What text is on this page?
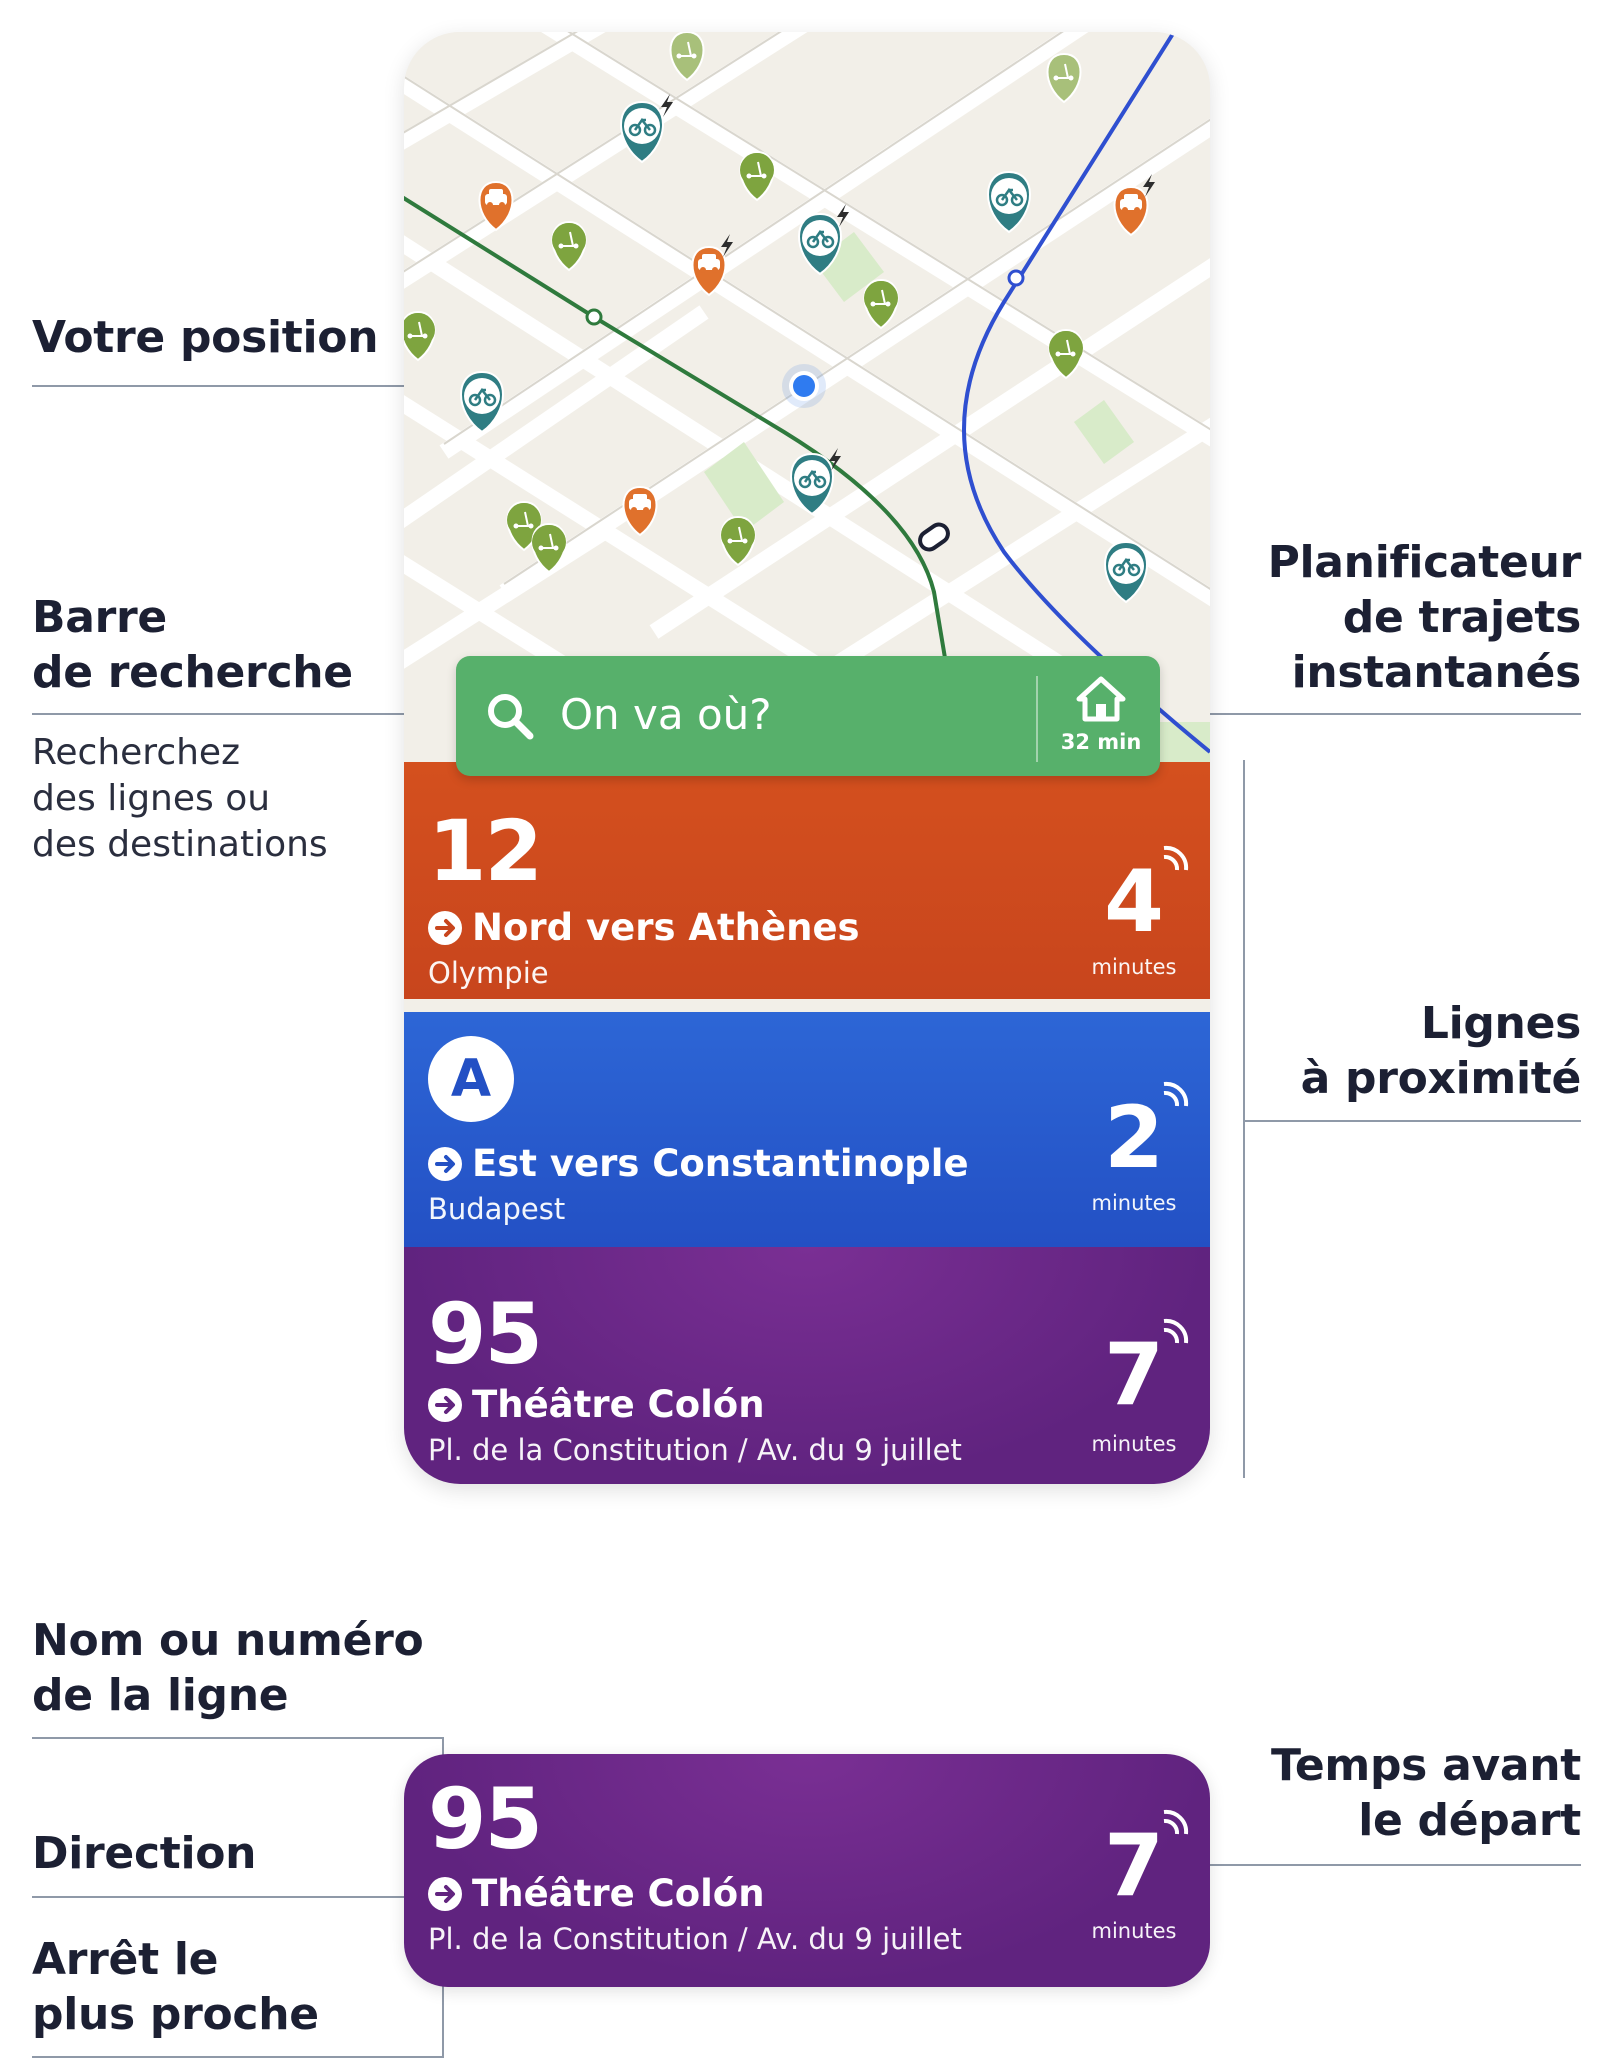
Votre position
Barre
de recherche
Recherchez
des lignes ou
des destinations
Planificateur
de trajets
instantanés
Lignes
à proximité
On va où?
32 min
12
Nord vers Athènes
Olympie
4
minutes
A
Est vers Constantinople
Budapest
2
minutes
95
Théâtre Colón
Pl. de la Constitution / Av. du 9 juillet
7
minutes
Nom ou numéro
de la ligne
Direction
Arrêt le
plus proche
Temps avant
le départ
95
Théâtre Colón
Pl. de la Constitution / Av. du 9 juillet
7
minutes
